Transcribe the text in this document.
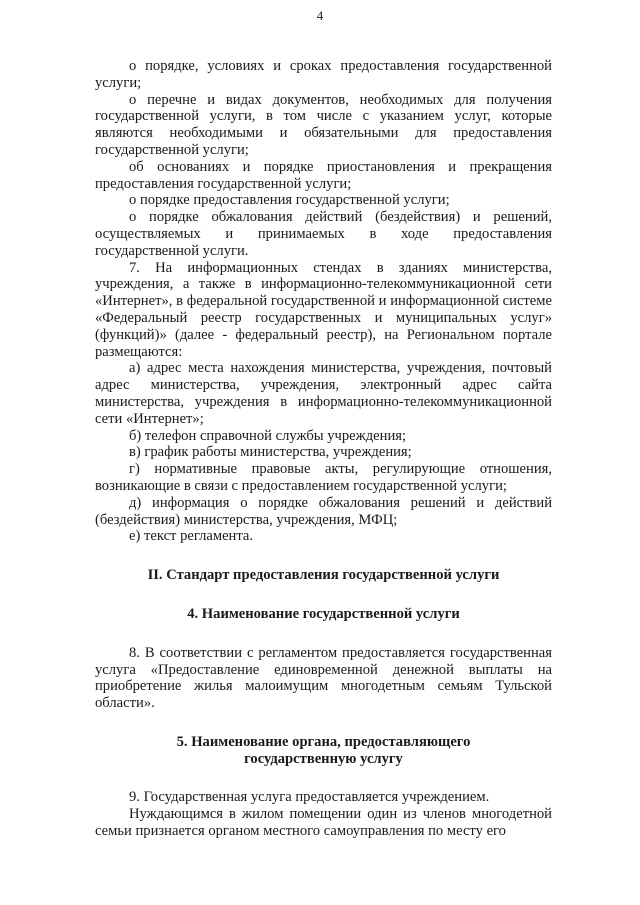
4

о порядке, условиях и сроках предоставления государственной услуги;

о перечне и видах документов, необходимых для получения государственной услуги, в том числе с указанием услуг, которые являются необходимыми и обязательными для предоставления государственной услуги;

об основаниях и порядке приостановления и прекращения предоставления государственной услуги;

о порядке предоставления государственной услуги;

о порядке обжалования действий (бездействия) и решений, осуществляемых и принимаемых в ходе предоставления государственной услуги.

7. На информационных стендах в зданиях министерства, учреждения, а также в информационно-телекоммуникационной сети «Интернет», в федеральной государственной и информационной системе «Федеральный реестр государственных и муниципальных услуг» (функций)» (далее - федеральный реестр), на Региональном портале размещаются:

а) адрес места нахождения министерства, учреждения, почтовый адрес министерства, учреждения, электронный адрес сайта министерства, учреждения в информационно-телекоммуникационной сети «Интернет»;

б) телефон справочной службы учреждения;

в) график работы министерства, учреждения;

г) нормативные правовые акты, регулирующие отношения, возникающие в связи с предоставлением государственной услуги;

д) информация о порядке обжалования решений и действий (бездействия) министерства, учреждения, МФЦ;

е) текст регламента.

II. Стандарт предоставления государственной услуги

4. Наименование государственной услуги

8. В соответствии с регламентом предоставляется государственная услуга «Предоставление единовременной денежной выплаты на приобретение жилья малоимущим многодетным семьям Тульской области».

5. Наименование органа, предоставляющего

государственную услугу

9. Государственная услуга предоставляется учреждением.

Нуждающимся в жилом помещении один из членов многодетной семьи признается органом местного самоуправления по месту его
